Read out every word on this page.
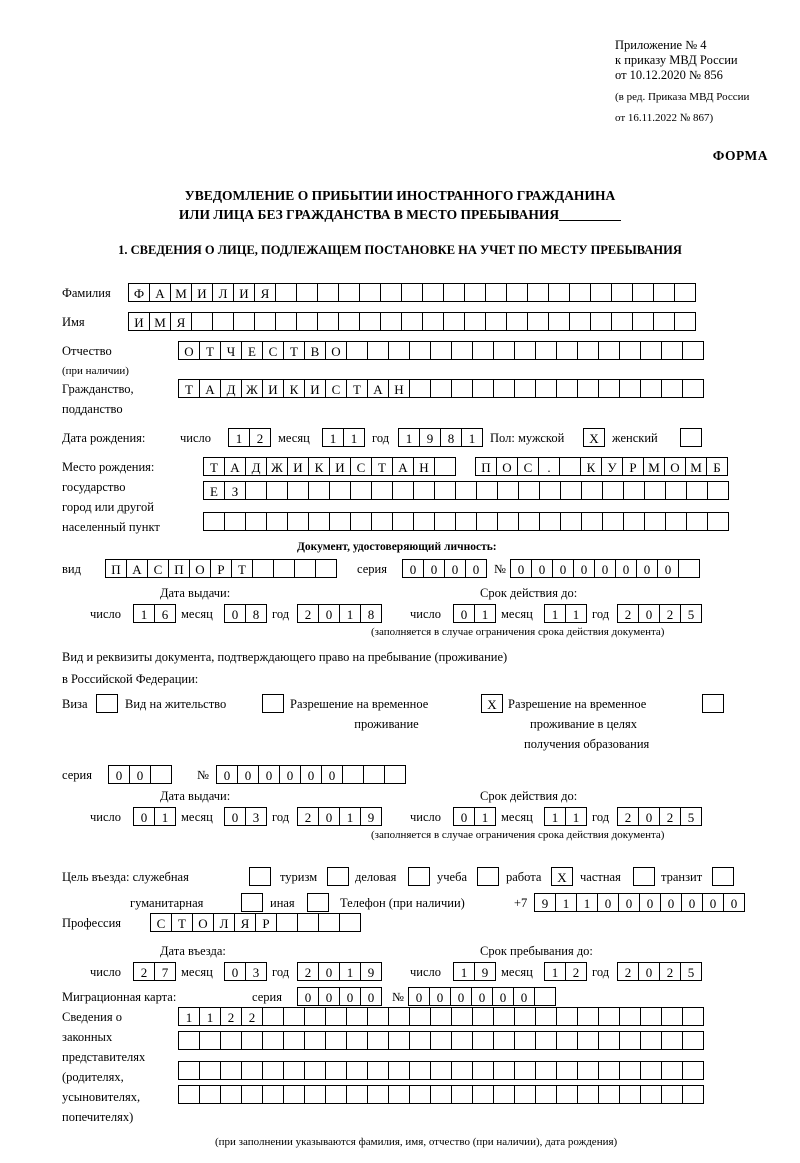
Приложение № 4
к приказу МВД России
от 10.12.2020 № 856
(в ред. Приказа МВД России
от 16.11.2022 № 867)
ФОРМА
УВЕДОМЛЕНИЕ О ПРИБЫТИИ ИНОСТРАННОГО ГРАЖДАНИНА
ИЛИ ЛИЦА БЕЗ ГРАЖДАНСТВА В МЕСТО ПРЕБЫВАНИЯ
1. СВЕДЕНИЯ О ЛИЦЕ, ПОДЛЕЖАЩЕМ ПОСТАНОВКЕ НА УЧЕТ ПО МЕСТУ ПРЕБЫВАНИЯ
Фамилия	Ф А М И Л И Я
Имя	И М Я
Отчество
(при наличии)
О Т Ч Е С Т В О
Гражданство,
подданство
Т А Д Ж И К И С Т А Н
Дата рождения:	число	1	2	месяц	1	1	год	1	9	8	1	Пол: мужской	X	женский
Место рождения:
государство
город или другой
населенный пункт
Т А Д Ж И К И С Т А Н	П О С	.	К У Р М О М Б
Е	З
Документ, удостоверяющий личность:
вид	П А С П О Р	Т	серия	0	0	0	0	№ 0	0	0	0	0	0	0	0
Дата выдачи:	Срок действия до:
число	1	6	месяц	0	8	год	2	0	1	8	число	0	1	месяц	1	1	год	2	0	2	5
(заполняется в случае ограничения срока действия документа)
Вид и реквизиты документа, подтверждающего право на пребывание (проживание)
в Российской Федерации:
Виза	Вид на жительство	Разрешение на временное
проживание
X Разрешение на временное
проживание в целях
получения образования
серия	0	0	№	0	0	0	0	0	0
Дата выдачи:	Срок действия до:
число	0	1	месяц	0	3	год	2	0	1	9	число	0	1	месяц	1	1	год	2	0	2	5
(заполняется в случае ограничения срока действия документа)
Цель въезда: служебная	туризм	деловая	учеба	работа	X	частная	транзит
гуманитарная	иная	Телефон (при наличии)	+7	9	1	1	0	0	0	0	0	0	0
Профессия	С Т О Л Я	Р
Дата въезда:	Срок пребывания до:
число	2	7	месяц	0	3	год	2	0	1	9	число	1	9	месяц	1	2	год	2	0	2	5
Миграционная карта:	серия	0	0	0	0	№ 0	0	0	0	0	0
Сведения о
законных
представителях
(родителях,
усыновителях,
попечителях)
1	1	2	2
(при заполнении указываются фамилия, имя, отчество (при наличии), дата рождения)
